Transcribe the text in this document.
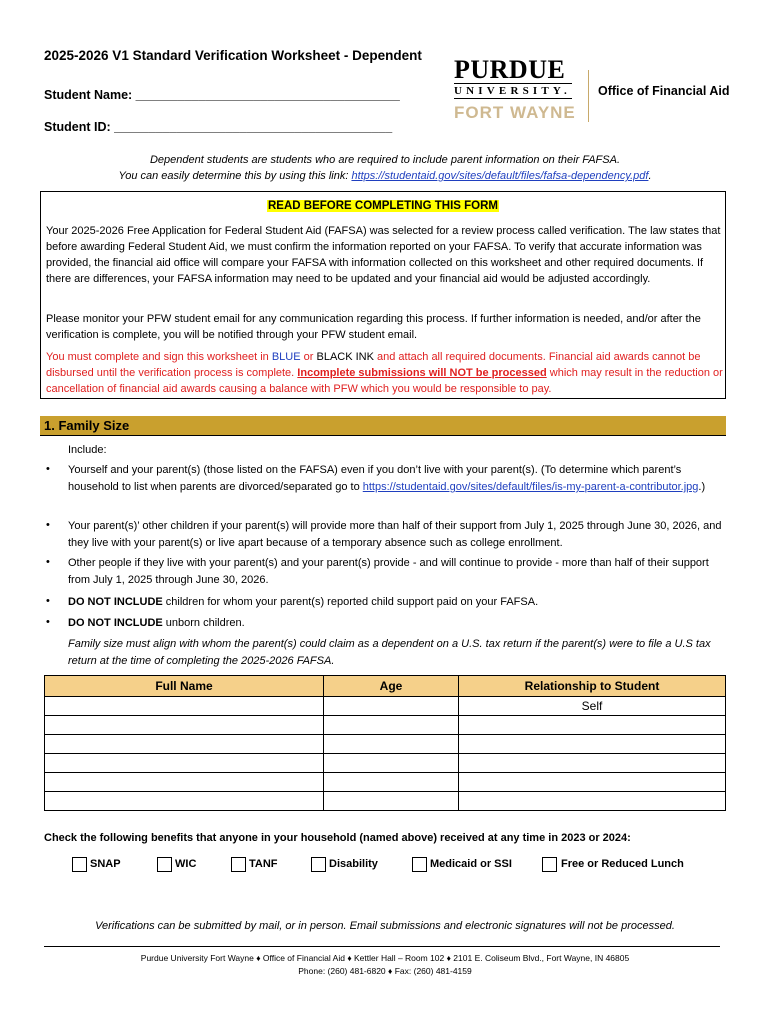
2025-2026 V1 Standard Verification Worksheet - Dependent
Student Name: ______________________________________
Student ID: ________________________________________
PURDUE
UNIVERSITY.
FORT WAYNE
Office of Financial Aid
Dependent students are students who are required to include parent information on their FAFSA.
You can easily determine this by using this link: https://studentaid.gov/sites/default/files/fafsa-dependency.pdf.
READ BEFORE COMPLETING THIS FORM
Your 2025-2026 Free Application for Federal Student Aid (FAFSA) was selected for a review process called verification. The law states that before awarding Federal Student Aid, we must confirm the information reported on your FAFSA. To verify that accurate information was provided, the financial aid office will compare your FAFSA with information collected on this worksheet and other required documents. If there are differences, your FAFSA information may need to be updated and your financial aid would be adjusted accordingly.
Please monitor your PFW student email for any communication regarding this process. If further information is needed, and/or after the verification is complete, you will be notified through your PFW student email.
You must complete and sign this worksheet in BLUE or BLACK INK and attach all required documents. Financial aid awards cannot be disbursed until the verification process is complete. Incomplete submissions will NOT be processed which may result in the reduction or cancellation of financial aid awards causing a balance with PFW which you would be responsible to pay.
1. Family Size
Include:
• Yourself and your parent(s) (those listed on the FAFSA) even if you don’t live with your parent(s). (To determine which parent’s household to list when parents are divorced/separated go to https://studentaid.gov/sites/default/files/is-my-parent-a-contributor.jpg.)
• Your parent(s)’ other children if your parent(s) will provide more than half of their support from July 1, 2025 through June 30, 2026, and they live with your parent(s) or live apart because of a temporary absence such as college enrollment.
• Other people if they live with your parent(s) and your parent(s) provide - and will continue to provide - more than half of their support from July 1, 2025 through June 30, 2026.
• DO NOT INCLUDE children for whom your parent(s) reported child support paid on your FAFSA.
• DO NOT INCLUDE unborn children.
Family size must align with whom the parent(s) could claim as a dependent on a U.S. tax return if the parent(s) were to file a U.S tax return at the time of completing the 2025-2026 FAFSA.
Full Name	Age	Relationship to Student
		Self

Check the following benefits that anyone in your household (named above) received at any time in 2023 or 2024:
SNAP	WIC	TANF	Disability	Medicaid or SSI	Free or Reduced Lunch
Verifications can be submitted by mail, or in person. Email submissions and electronic signatures will not be processed.
Purdue University Fort Wayne ♦ Office of Financial Aid ♦ Kettler Hall – Room 102 ♦ 2101 E. Coliseum Blvd., Fort Wayne, IN 46805
Phone: (260) 481-6820 ♦ Fax: (260) 481-4159
